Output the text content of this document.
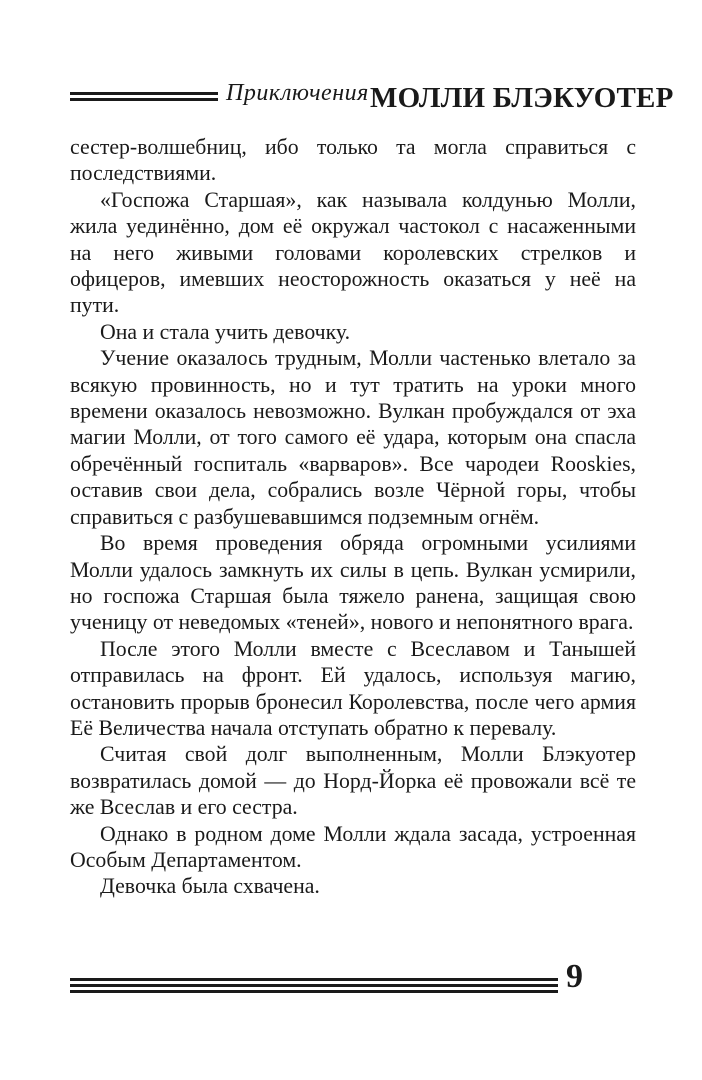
Приключения МОЛЛИ БЛЭКУОТЕР

сестер-волшебниц, ибо только та могла справиться с последствиями.

«Госпожа Старшая», как называла колдунью Молли, жила уединённо, дом её окружал частокол с насаженными на него живыми головами королевских стрелков и офицеров, имевших неосторожность оказаться у неё на пути.

Она и стала учить девочку.

Учение оказалось трудным, Молли частенько влетало за всякую провинность, но и тут тратить на уроки много времени оказалось невозможно. Вулкан пробуждался от эха магии Молли, от того самого её удара, которым она спасла обречённый госпиталь «варваров». Все чародеи Rooskies, оставив свои дела, собрались возле Чёрной горы, чтобы справиться с разбушевавшимся подземным огнём.

Во время проведения обряда огромными усилиями Молли удалось замкнуть их силы в цепь. Вулкан усмирили, но госпожа Старшая была тяжело ранена, защищая свою ученицу от неведомых «теней», нового и непонятного врага.

После этого Молли вместе с Всеславом и Танышей отправилась на фронт. Ей удалось, используя магию, остановить прорыв бронесил Королевства, после чего армия Её Величества начала отступать обратно к перевалу.

Считая свой долг выполненным, Молли Блэкуотер возвратилась домой — до Норд-Йорка её провожали всё те же Всеслав и его сестра.

Однако в родном доме Молли ждала засада, устроенная Особым Департаментом.

Девочка была схвачена.

9
